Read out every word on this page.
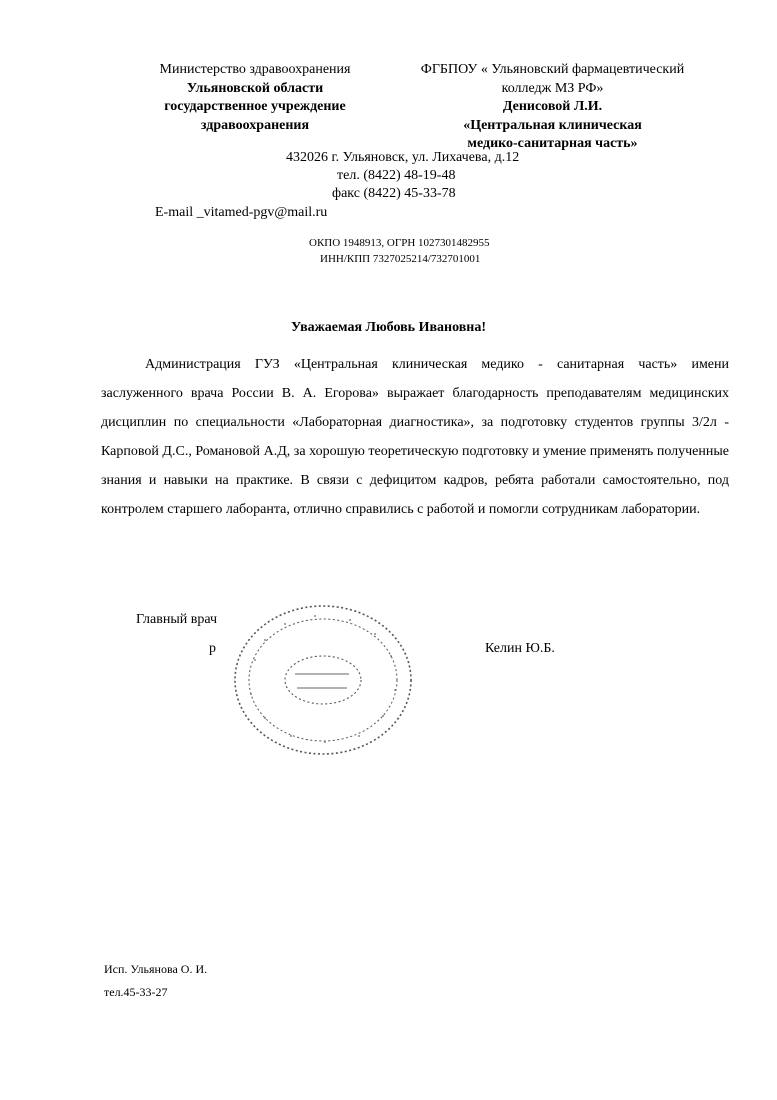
Министерство здравоохранения
Ульяновской области
государственное учреждение
здравоохранения
ФГБПОУ « Ульяновский фармацевтический
колледж МЗ РФ»
Денисовой Л.И.
«Центральная клиническая
медико-санитарная часть»
432026 г. Ульяновск, ул. Лихачева, д.12
тел. (8422) 48-19-48
факс (8422) 45-33-78
E-mail _vitamed-pgv@mail.ru
ОКПО 1948913, ОГРН 1027301482955
ИНН/КПП 7327025214/732701001
Уважаемая Любовь Ивановна!
Администрация ГУЗ «Центральная клиническая медико - санитарная часть» имени заслуженного врача России В. А. Егорова» выражает благодарность преподавателям медицинских дисциплин по специальности «Лабораторная диагностика», за подготовку студентов группы 3/2л - Карповой Д.С., Романовой А.Д, за хорошую теоретическую подготовку и умение применять полученные знания и навыки на практике. В связи с дефицитом кадров, ребята работали самостоятельно, под контролем старшего лаборанта, отлично справились с работой и помогли сотрудникам лаборатории.
Главный врач
р	Келин Ю.Б.
Исп. Ульянова О. И.
тел.45-33-27
